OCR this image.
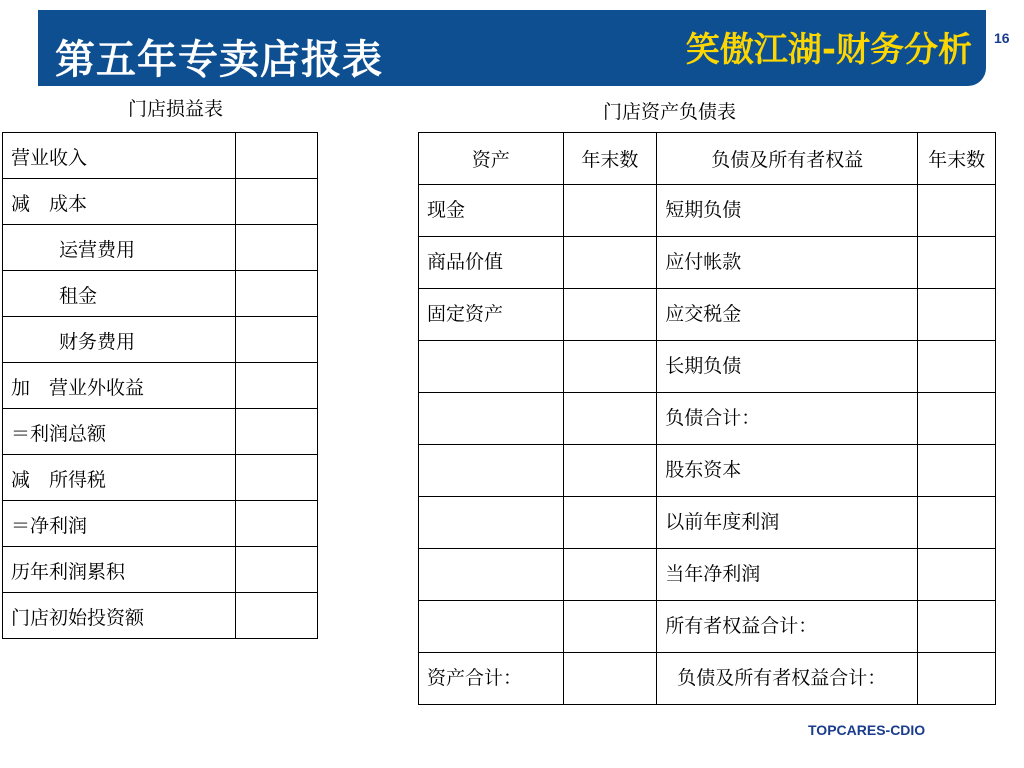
第五年专卖店报表	笑傲江湖-财务分析 16
门店损益表	门店资产负债表
营业收入	
减　成本	
运营费用	
租金	
财务费用	
加　营业外收益	
＝利润总额	
减　所得税	
＝净利润	
历年利润累积	
门店初始投资额	
资产	年末数	负债及所有者权益	年末数
现金		短期负债	
商品价值		应付帐款	
固定资产		应交税金	
		长期负债	
		负债合计：	
		股东资本	
		以前年度利润	
		当年净利润	
		所有者权益合计：	
资产合计：		负债及所有者权益合计：	
TOPCARES-CDIO
